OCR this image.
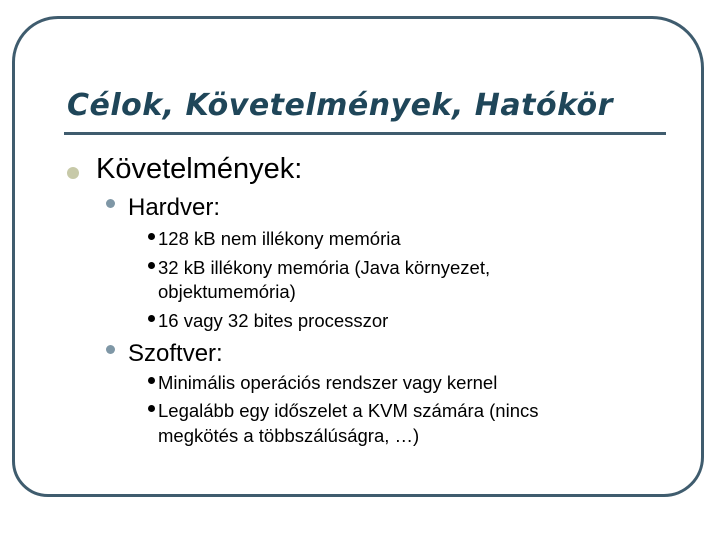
Célok, Követelmények, Hatókör
Követelmények:
Hardver:
128 kB nem illékony memória
32 kB illékony memória (Java környezet,
objektumemória)
16 vagy 32 bites processzor
Szoftver:
Minimális operációs rendszer vagy kernel
Legalább egy időszelet a KVM számára (nincs
megkötés a többszálúságra, …)
